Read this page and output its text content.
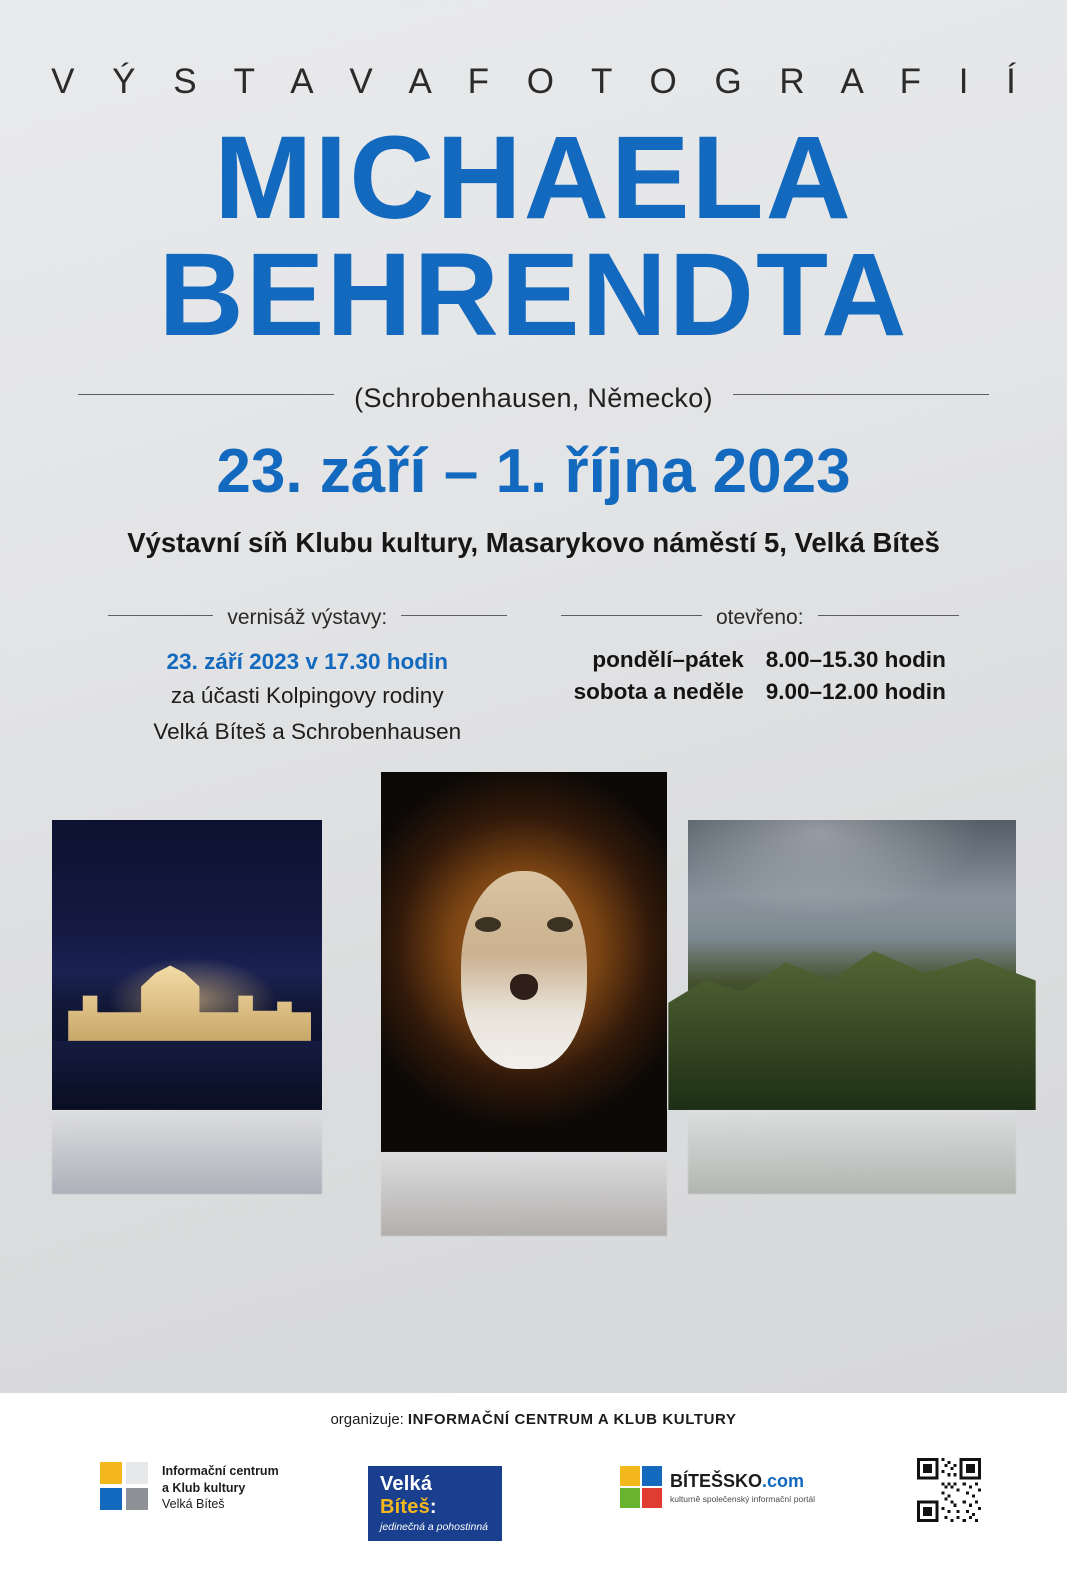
V Ý S T A V A F O T O G R A F I Í
MICHAELA
BEHRENDTA
(Schrobenhausen, Německo)
23. září – 1. října 2023
Výstavní síň Klubu kultury, Masarykovo náměstí 5, Velká Bíteš
vernisáž výstavy:
23. září 2023 v 17.30 hodin
za účasti Kolpingovy rodiny
Velká Bíteš a Schrobenhausen
otevřeno:
pondělí–pátek 8.00–15.30 hodin
sobota a neděle 9.00–12.00 hodin
organizuje: INFORMAČNÍ CENTRUM A KLUB KULTURY
Informační centrum
a Klub kultury
Velká Bíteš
Velká Bíteš:
jedinečná a pohostinná
BÍTEŠSKO.com
kulturně společenský informační portál
